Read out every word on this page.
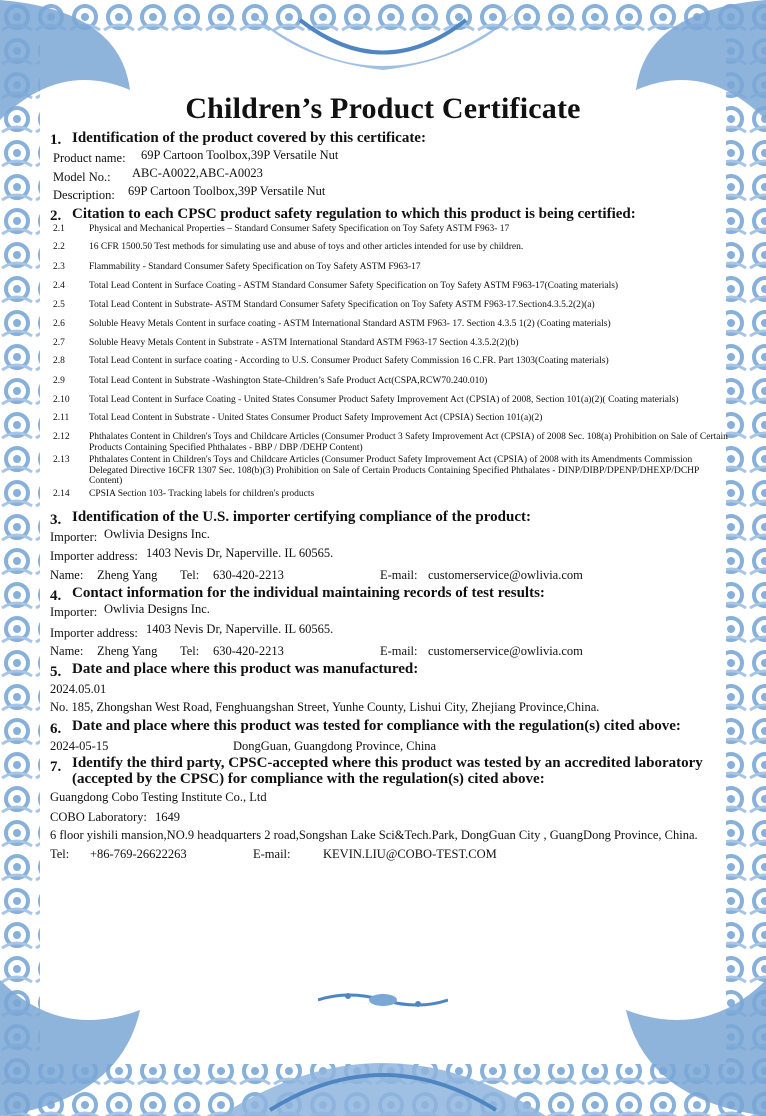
Children’s Product Certificate
1. Identification of the product covered by this certificate:
Product name: 69P Cartoon Toolbox,39P Versatile Nut
Model No.: ABC-A0022,ABC-A0023
Description: 69P Cartoon Toolbox,39P Versatile Nut
2. Citation to each CPSC product safety regulation to which this product is being certified:
2.1	Physical and Mechanical Properties – Standard Consumer Safety Specification on Toy Safety ASTM F963- 17
2.2	16 CFR 1500.50 Test methods for simulating use and abuse of toys and other articles intended for use by children.
2.3	Flammability - Standard Consumer Safety Specification on Toy Safety ASTM F963-17
2.4	Total Lead Content in Surface Coating - ASTM Standard Consumer Safety Specification on Toy Safety ASTM F963-17(Coating materials)
2.5	Total Lead Content in Substrate- ASTM Standard Consumer Safety Specification on Toy Safety ASTM F963-17.Section4.3.5.2(2)(a)
2.6	Soluble Heavy Metals Content in surface coating - ASTM International Standard ASTM F963- 17. Section 4.3.5 1(2) (Coating materials)
2.7	Soluble Heavy Metals Content in Substrate - ASTM International Standard ASTM F963-17 Section 4.3.5.2(2)(b)
2.8	Total Lead Content in surface coating - According to U.S. Consumer Product Safety Commission 16 C.FR. Part 1303(Coating materials)
2.9	Total Lead Content in Substrate -Washington State-Children’s Safe Product Act(CSPA,RCW70.240.010)
2.10 Total Lead Content in Surface Coating - United States Consumer Product Safety Improvement Act (CPSIA) of 2008, Section 101(a)(2)( Coating materials)
2.11 Total Lead Content in Substrate - United States Consumer Product Safety Improvement Act (CPSIA) Section 101(a)(2)
2.12 Phthalates Content in Children's Toys and Childcare Articles (Consumer Product 3 Safety Improvement Act (CPSIA) of 2008 Sec. 108(a) Prohibition on Sale of Certain Products Containing Specified Phthalates - BBP / DBP /DEHP Content)
2.13 Phthalates Content in Children's Toys and Childcare Articles (Consumer Product Safety Improvement Act (CPSIA) of 2008 with its Amendments Commission Delegated Directive 16CFR 1307 Sec. 108(b)(3) Prohibition on Sale of Certain Products Containing Specified Phthalates - DINP/DIBP/DPENP/DHEXP/DCHP Content)
2.14 CPSIA Section 103- Tracking labels for children's products
3. Identification of the U.S. importer certifying compliance of the product:
Importer: Owlivia Designs Inc.
Importer address: 1403 Nevis Dr, Naperville. IL 60565.
Name: Zheng Yang Tel: 630-420-2213	E-mail: customerservice@owlivia.com
4. Contact information for the individual maintaining records of test results:
Importer: Owlivia Designs Inc.
Importer address: 1403 Nevis Dr, Naperville. IL 60565.
Name: Zheng Yang Tel: 630-420-2213	E-mail: customerservice@owlivia.com
5. Date and place where this product was manufactured:
2024.05.01
No. 185, Zhongshan West Road, Fenghuangshan Street, Yunhe County, Lishui City, Zhejiang Province,China.
6. Date and place where this product was tested for compliance with the regulation(s) cited above:
2024-05-15	DongGuan, Guangdong Province, China
7. Identify the third party, CPSC-accepted where this product was tested by an accredited laboratory
(accepted by the CPSC) for compliance with the regulation(s) cited above:
Guangdong Cobo Testing Institute Co., Ltd
COBO Laboratory: 1649
6 floor yishili mansion,NO.9 headquarters 2 road,Songshan Lake Sci&Tech.Park, DongGuan City , GuangDong Province, China.
Tel: +86-769-26622263	E-mail:	KEVIN.LIU@COBO-TEST.COM
